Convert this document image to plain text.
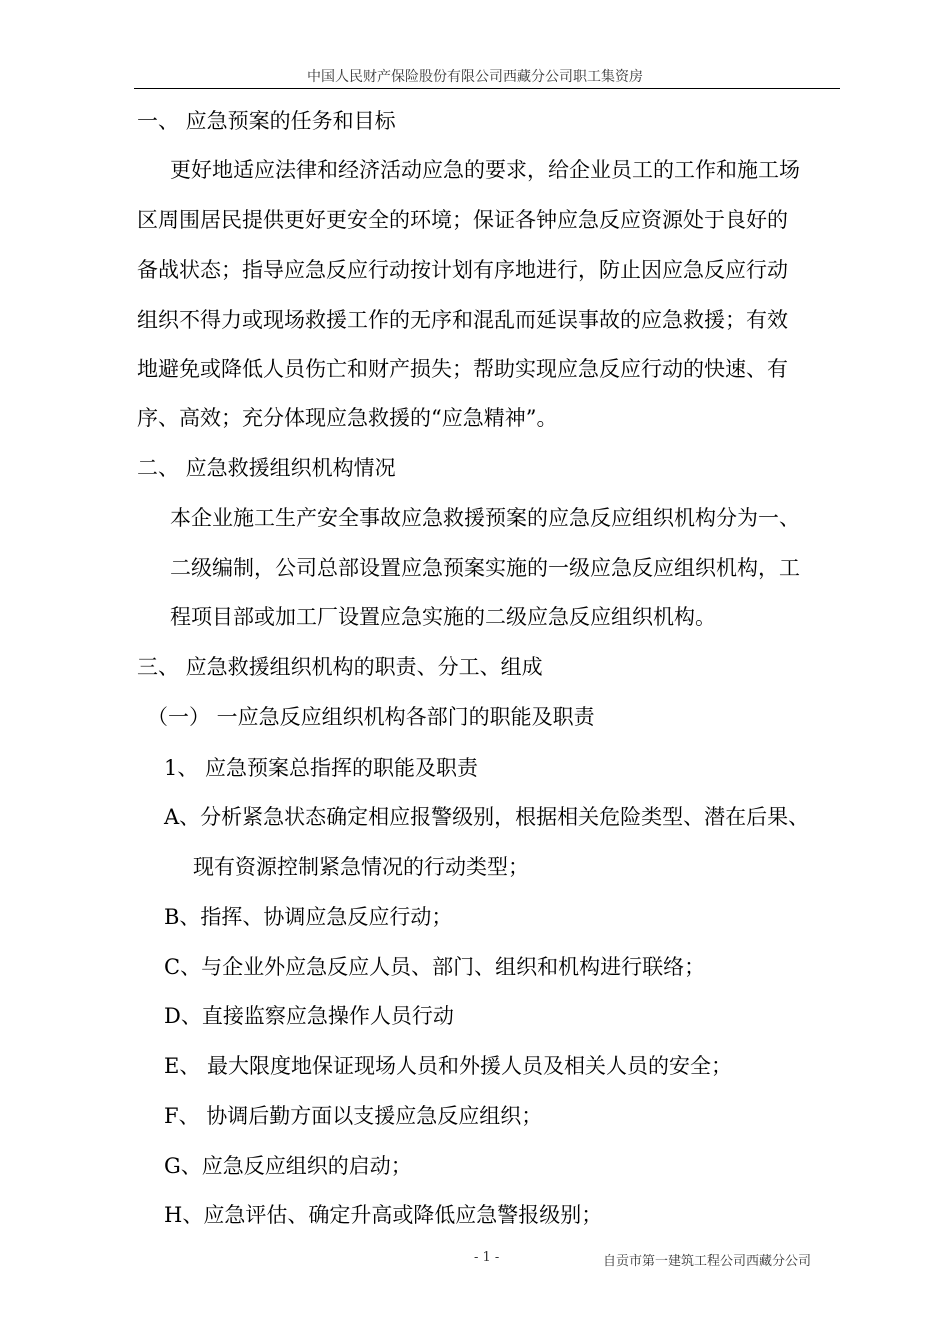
中国人民财产保险股份有限公司西藏分公司职工集资房
一、 应急预案的任务和目标
更好地适应法律和经济活动应急的要求，给企业员工的工作和施工场
区周围居民提供更好更安全的环境；保证各钟应急反应资源处于良好的
备战状态；指导应急反应行动按计划有序地进行，防止因应急反应行动
组织不得力或现场救援工作的无序和混乱而延误事故的应急救援；有效
地避免或降低人员伤亡和财产损失；帮助实现应急反应行动的快速、有
序、高效；充分体现应急救援的“应急精神”。
二、 应急救援组织机构情况
本企业施工生产安全事故应急救援预案的应急反应组织机构分为一、
二级编制，公司总部设置应急预案实施的一级应急反应组织机构，工
程项目部或加工厂设置应急实施的二级应急反应组织机构。
三、 应急救援组织机构的职责、分工、组成
（一） 一应急反应组织机构各部门的职能及职责
1、 应急预案总指挥的职能及职责
A、分析紧急状态确定相应报警级别，根据相关危险类型、潜在后果、
现有资源控制紧急情况的行动类型；
B、指挥、协调应急反应行动；
C、与企业外应急反应人员、部门、组织和机构进行联络；
D、直接监察应急操作人员行动
E、 最大限度地保证现场人员和外援人员及相关人员的安全；
F、 协调后勤方面以支援应急反应组织；
G、应急反应组织的启动；
H、应急评估、确定升高或降低应急警报级别；
- 1 -	自贡市第一建筑工程公司西藏分公司
